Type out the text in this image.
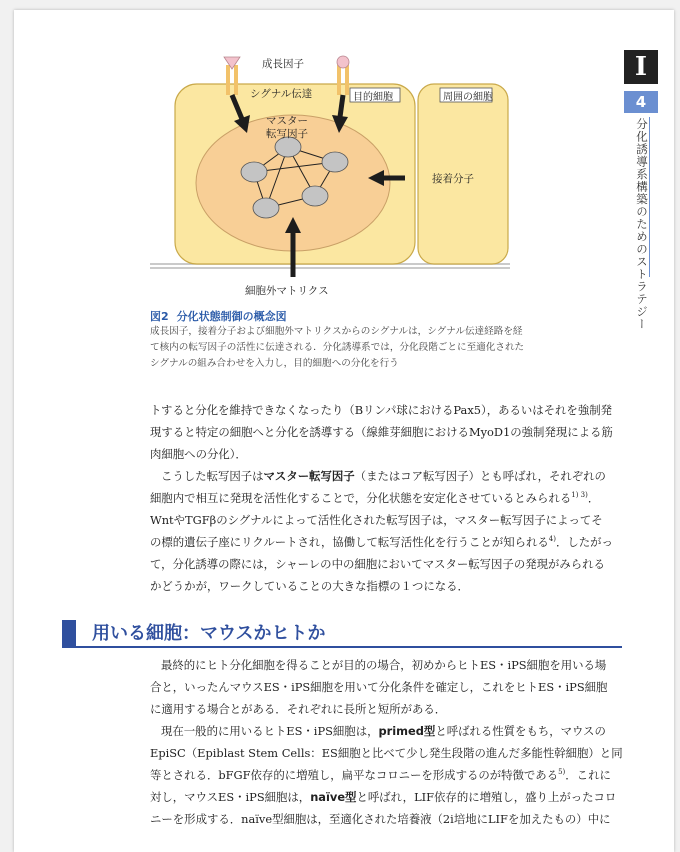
I
4
分化誘導系構築のためのストラテジー
成長因子
シグナル伝達	目的細胞	周囲の細胞
マスター
転写因子
接着分子
細胞外マトリクス
図2 分化状態制御の概念図
成長因子，接着分子および細胞外マトリクスからのシグナルは，シグナル伝達経路を経
て核内の転写因子の活性に伝達される．分化誘導系では，分化段階ごとに至適化された
シグナルの組み合わせを入力し，目的細胞への分化を行う
トすると分化を維持できなくなったり（Bリンパ球におけるPax5），あるいはそれを強制発
現すると特定の細胞へと分化を誘導する（線維芽細胞におけるMyoD1の強制発現による筋
肉細胞への分化）．
こうした転写因子はマスター転写因子（またはコア転写因子）とも呼ばれ，それぞれの
細胞内で相互に発現を活性化することで，分化状態を安定化させているとみられる$^{1) 3)}$．
WntやTGFβのシグナルによって活性化された転写因子は，マスター転写因子によってそ
の標的遺伝子座にリクルートされ，協働して転写活性化を行うことが知られる$^{4)}$．したがっ
て，分化誘導の際には，シャーレの中の細胞においてマスター転写因子の発現がみられる
かどうかが，ワークしていることの大きな指標の１つになる．
用いる細胞：マウスかヒトか
最終的にヒト分化細胞を得ることが目的の場合，初めからヒトES・iPS細胞を用いる場
合と，いったんマウスES・iPS細胞を用いて分化条件を確定し，これをヒトES・iPS細胞
に適用する場合とがある．それぞれに長所と短所がある．
現在一般的に用いるヒトES・iPS細胞は，primed型と呼ばれる性質をもち，マウスの
EpiSC（Epiblast Stem Cells：ES細胞と比べて少し発生段階の進んだ多能性幹細胞）と同
等とされる．bFGF依存的に増殖し，扁平なコロニーを形成するのが特徴である$^{5)}$．これに
対し，マウスES・iPS細胞は，naïve型と呼ばれ，LIF依存的に増殖し，盛り上がったコロ
ニーを形成する．naïve型細胞は，至適化された培養液（2i培地にLIFを加えたもの）中に
